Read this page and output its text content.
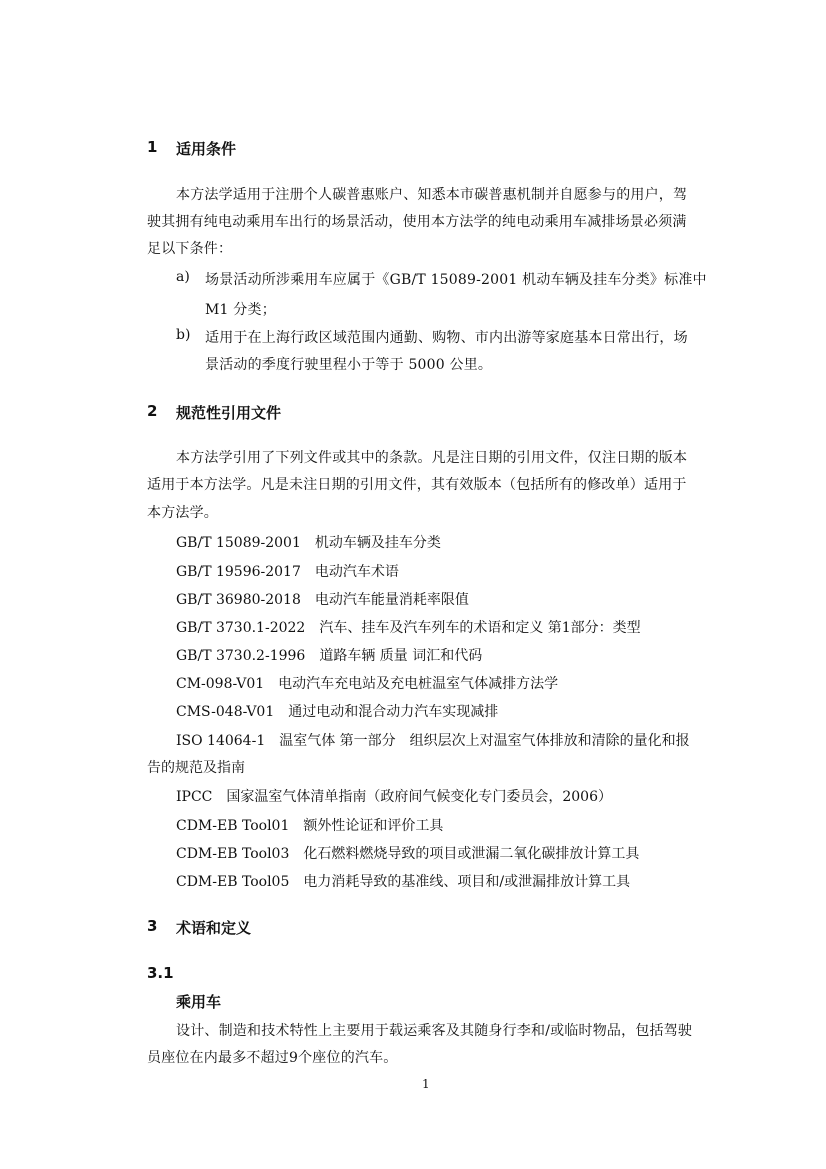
1 适用条件
本方法学适用于注册个人碳普惠账户、知悉本市碳普惠机制并自愿参与的用户，驾
驶其拥有纯电动乘用车出行的场景活动，使用本方法学的纯电动乘用车减排场景必须满
足以下条件：
a) 场景活动所涉乘用车应属于《GB/T 15089-2001 机动车辆及挂车分类》标准中
M1 分类；
b) 适用于在上海行政区域范围内通勤、购物、市内出游等家庭基本日常出行，场
景活动的季度行驶里程小于等于 5000 公里。
2 规范性引用文件
本方法学引用了下列文件或其中的条款。凡是注日期的引用文件，仅注日期的版本
适用于本方法学。凡是未注日期的引用文件，其有效版本（包括所有的修改单）适用于
本方法学。
GB/T 15089-2001　机动车辆及挂车分类
GB/T 19596-2017　电动汽车术语
GB/T 36980-2018　电动汽车能量消耗率限值
GB/T 3730.1-2022　汽车、挂车及汽车列车的术语和定义 第1部分：类型
GB/T 3730.2-1996　道路车辆 质量 词汇和代码
CM-098-V01　电动汽车充电站及充电桩温室气体减排方法学
CMS-048-V01　通过电动和混合动力汽车实现减排
ISO 14064-1　温室气体 第一部分　组织层次上对温室气体排放和清除的量化和报
告的规范及指南
IPCC　国家温室气体清单指南（政府间气候变化专门委员会，2006）
CDM-EB Tool01　额外性论证和评价工具
CDM-EB Tool03　化石燃料燃烧导致的项目或泄漏二氧化碳排放计算工具
CDM-EB Tool05　电力消耗导致的基准线、项目和/或泄漏排放计算工具
3 术语和定义
3.1
乘用车
设计、制造和技术特性上主要用于载运乘客及其随身行李和/或临时物品，包括驾驶
员座位在内最多不超过9个座位的汽车。
1
